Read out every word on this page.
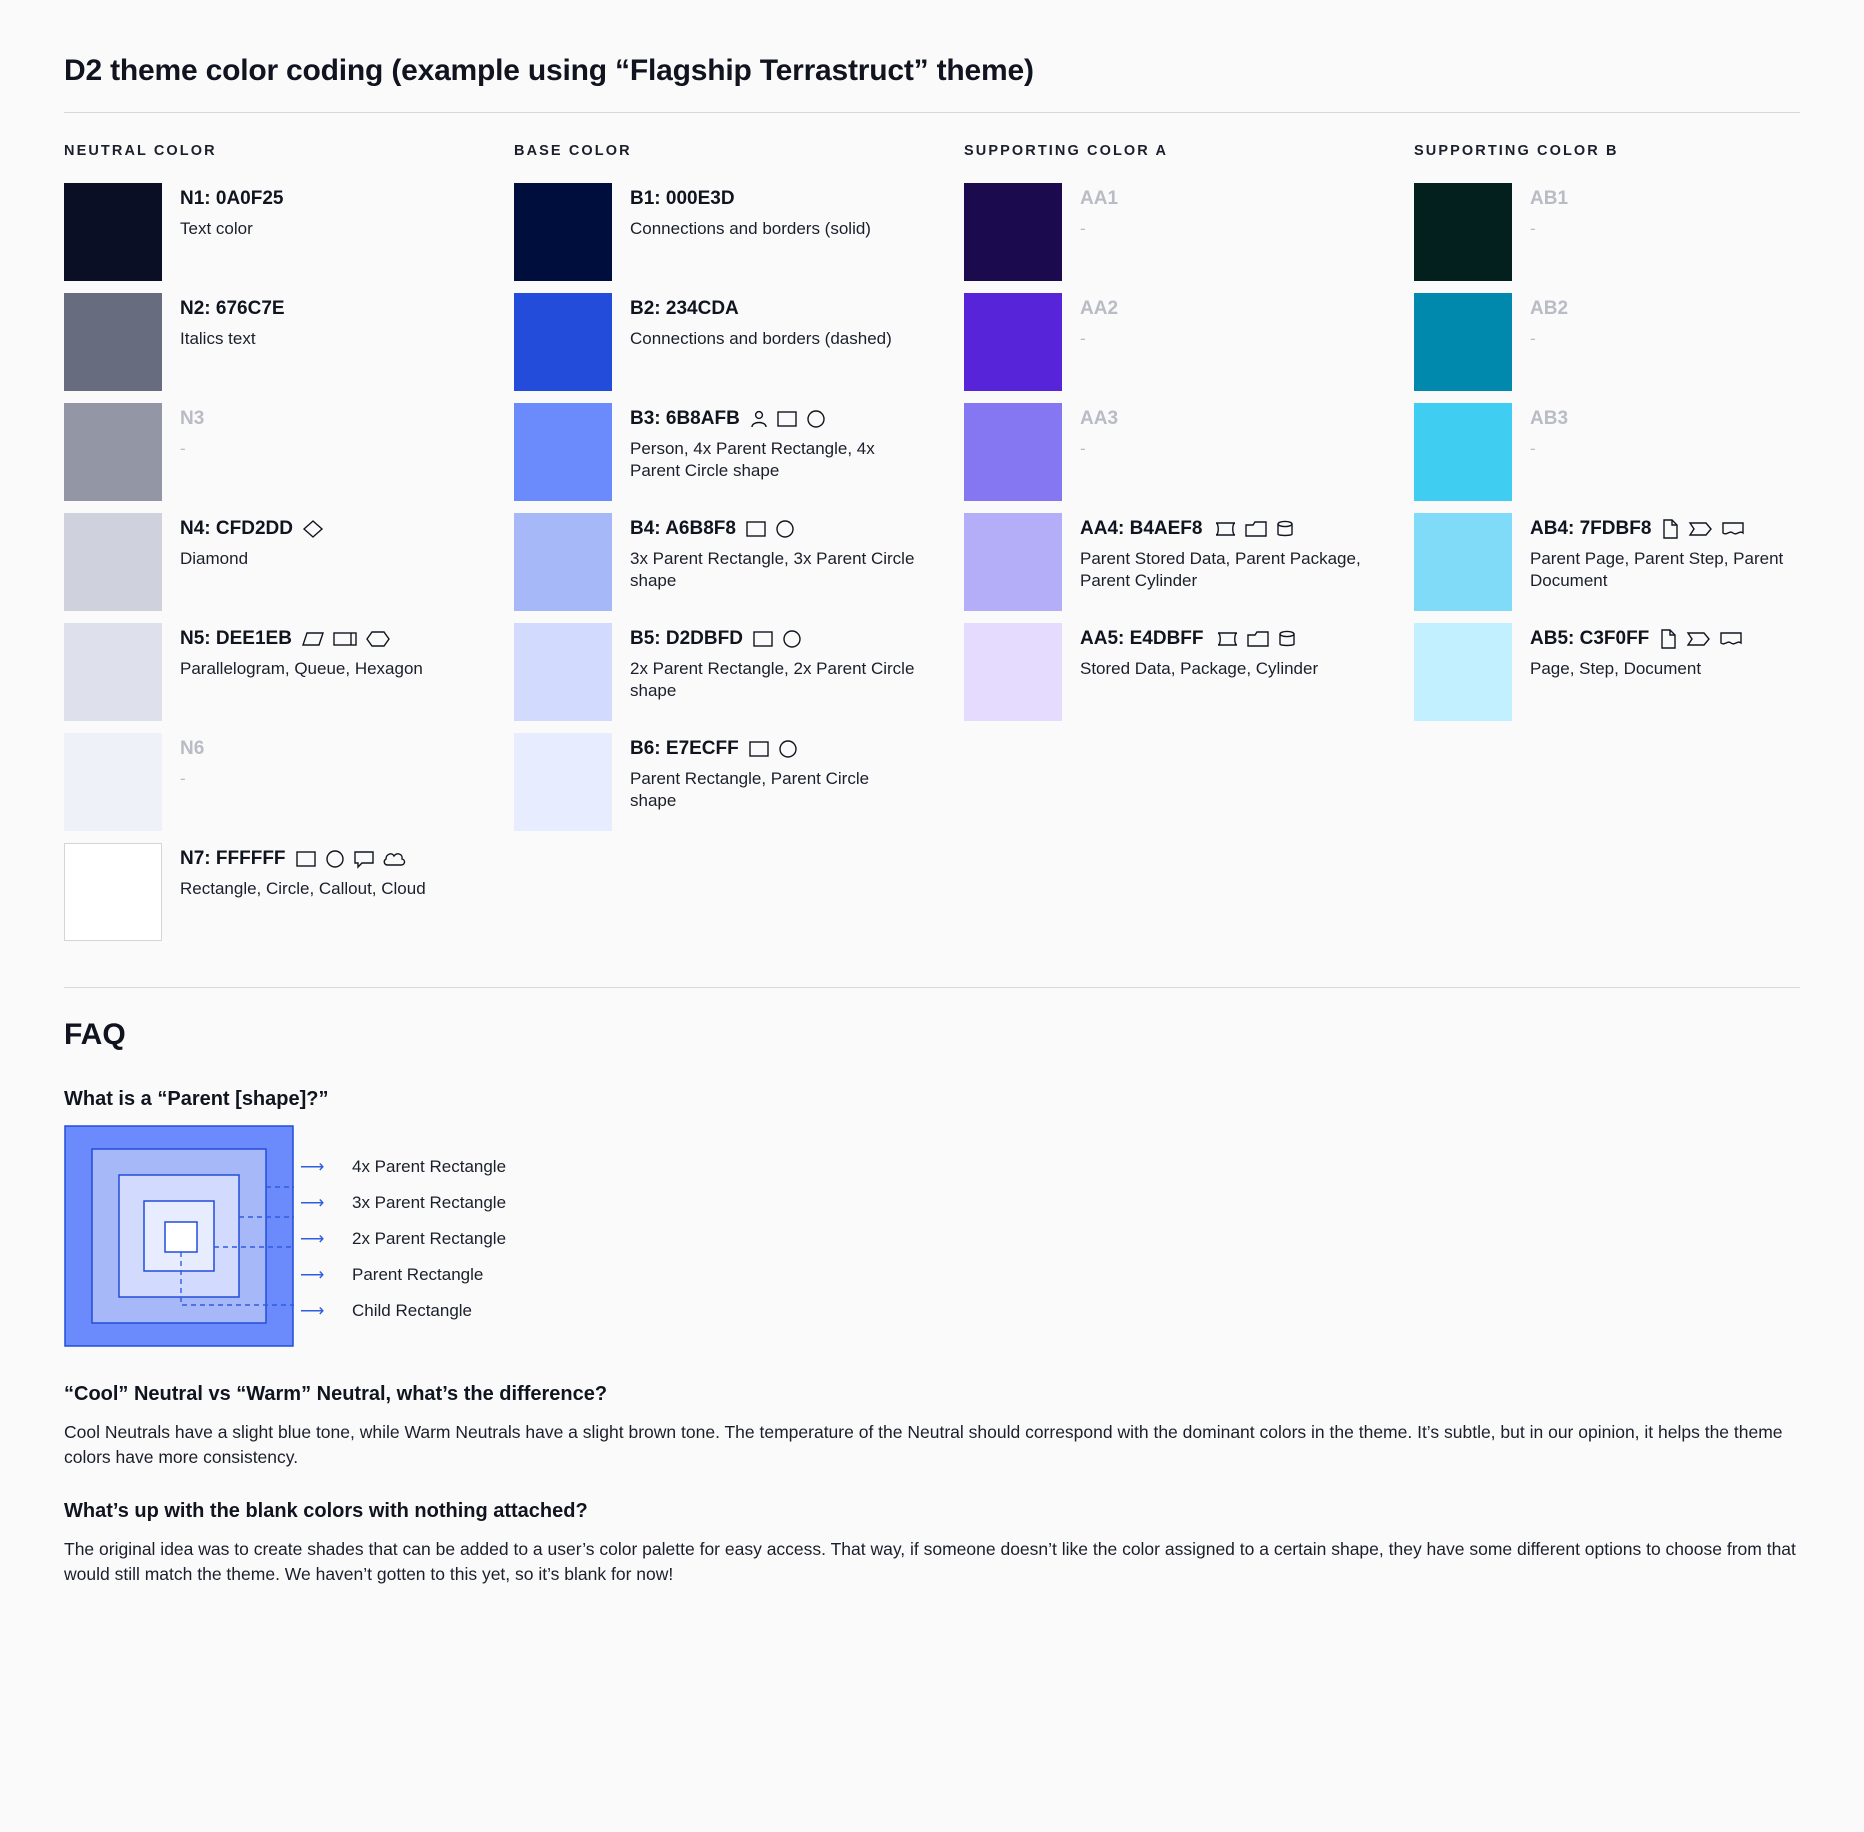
D2 theme color coding (example using “Flagship Terrastruct” theme)
NEUTRAL COLOR
N1: 0A0F25
Text color
N2: 676C7E
Italics text
N3
-
N4: CFD2DD
Diamond
N5: DEE1EB
Parallelogram, Queue, Hexagon
N6
-
N7: FFFFFF
Rectangle, Circle, Callout, Cloud
BASE COLOR
B1: 000E3D
Connections and borders (solid)
B2: 234CDA
Connections and borders (dashed)
B3: 6B8AFB
Person, 4x Parent Rectangle, 4x Parent Circle shape
B4: A6B8F8
3x Parent Rectangle, 3x Parent Circle shape
B5: D2DBFD
2x Parent Rectangle, 2x Parent Circle shape
B6: E7ECFF
Parent Rectangle, Parent Circle shape
SUPPORTING COLOR A
AA1
-
AA2
-
AA3
-
AA4: B4AEF8
Parent Stored Data, Parent Package, Parent Cylinder
AA5: E4DBFF
Stored Data, Package, Cylinder
SUPPORTING COLOR B
AB1
-
AB2
-
AB3
-
AB4: 7FDBF8
Parent Page, Parent Step, Parent Document
AB5: C3F0FF
Page, Step, Document
FAQ
What is a “Parent [shape]?”
⟶	4x Parent Rectangle
⟶	3x Parent Rectangle
⟶	2x Parent Rectangle
⟶	Parent Rectangle
⟶	Child Rectangle
“Cool” Neutral vs “Warm” Neutral, what’s the difference?

Cool Neutrals have a slight blue tone, while Warm Neutrals have a slight brown tone. The temperature of the Neutral should correspond with the dominant colors in the theme. It’s subtle, but in our opinion, it helps the theme colors have more consistency.

What’s up with the blank colors with nothing attached?

The original idea was to create shades that can be added to a user’s color palette for easy access. That way, if someone doesn’t like the color assigned to a certain shape, they have some different options to choose from that would still match the theme. We haven’t gotten to this yet, so it’s blank for now!
